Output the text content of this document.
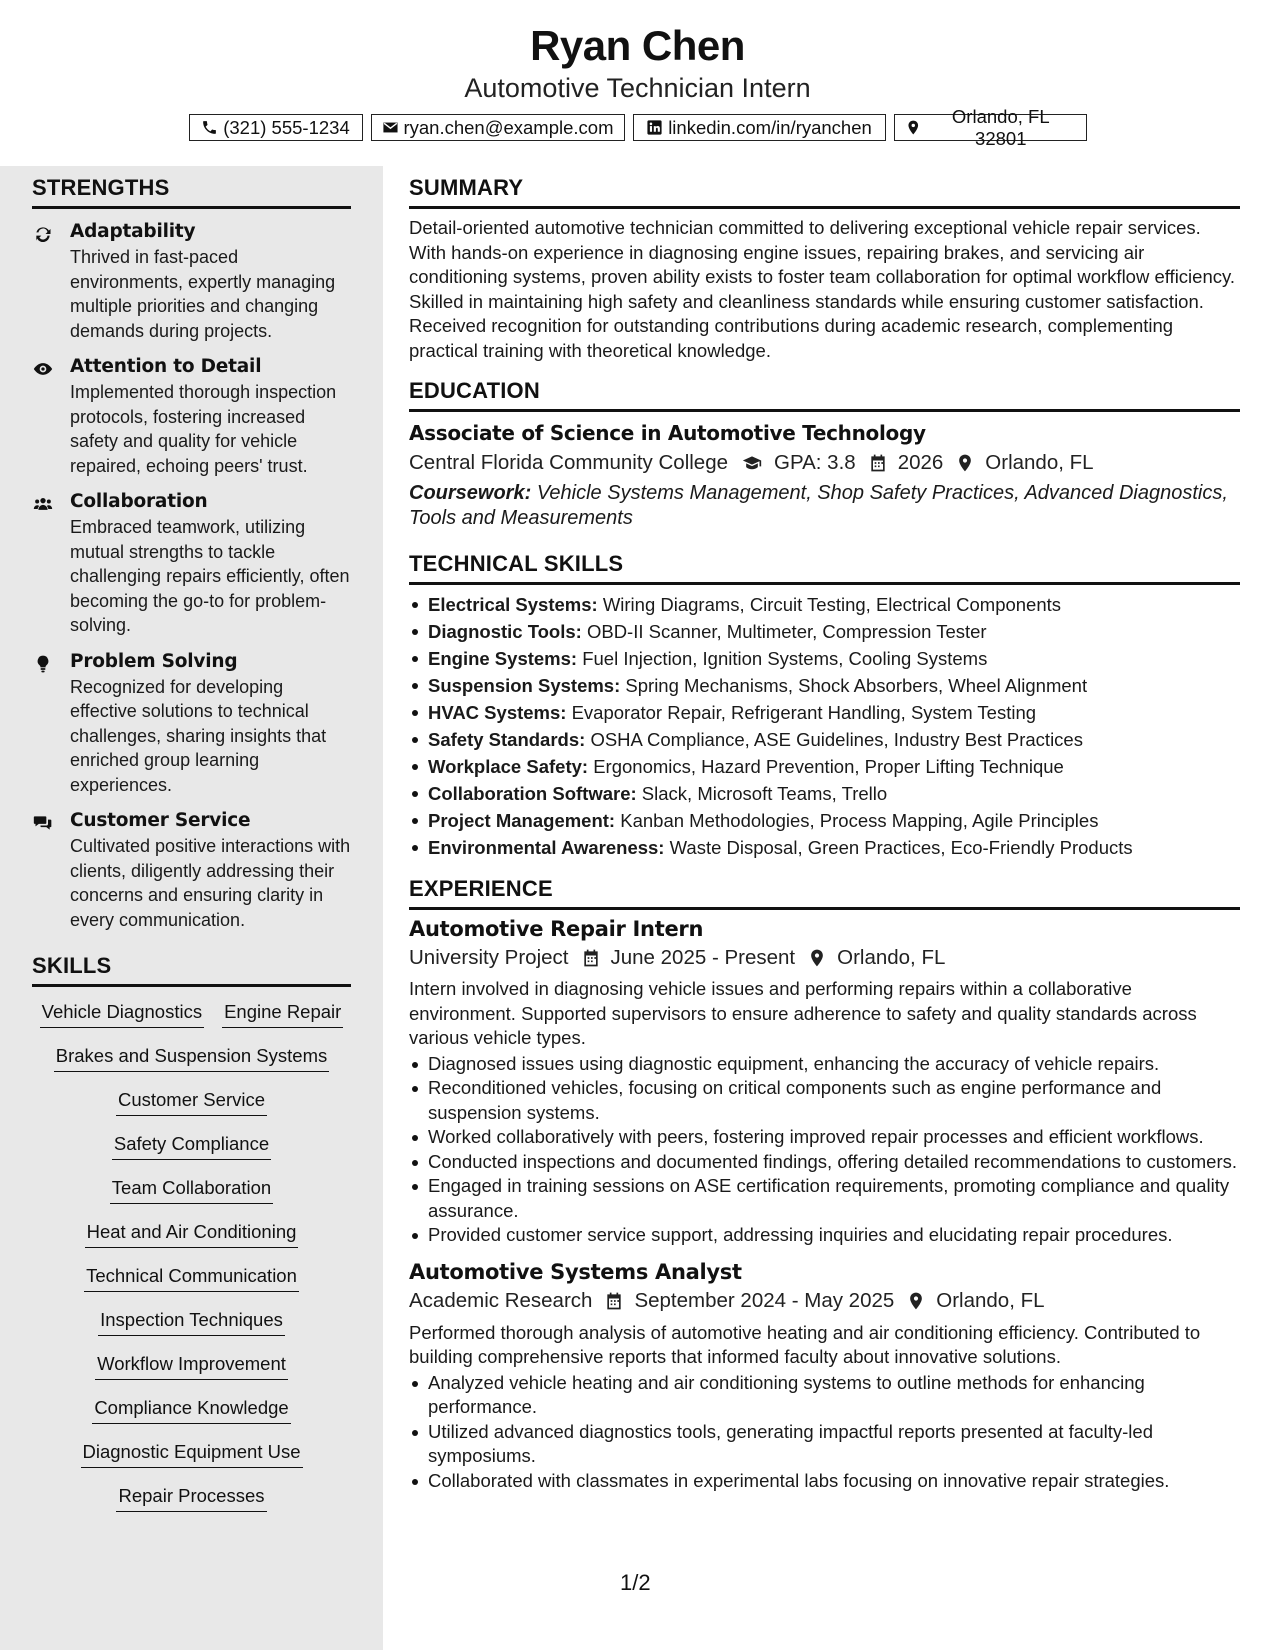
Ryan Chen
Automotive Technician Intern
(321) 555-1234	ryan.chen@example.com	linkedin.com/in/ryanchen
Orlando, FL 32801
STRENGTHS
Adaptability
Thrived in fast-paced environments, expertly managing multiple priorities and changing demands during projects.
Attention to Detail
Implemented thorough inspection protocols, fostering increased safety and quality for vehicle repaired, echoing peers' trust.
Collaboration
Embraced teamwork, utilizing mutual strengths to tackle challenging repairs efficiently, often becoming the go-to for problem-solving.
Problem Solving
Recognized for developing effective solutions to technical challenges, sharing insights that enriched group learning experiences.
Customer Service
Cultivated positive interactions with clients, diligently addressing their concerns and ensuring clarity in every communication.
SKILLS
Vehicle Diagnostics Engine Repair
Brakes and Suspension Systems
Customer Service
Safety Compliance
Team Collaboration
Heat and Air Conditioning
Technical Communication
Inspection Techniques
Workflow Improvement
Compliance Knowledge
Diagnostic Equipment Use
Repair Processes
SUMMARY
Detail-oriented automotive technician committed to delivering exceptional vehicle repair services. With hands-on experience in diagnosing engine issues, repairing brakes, and servicing air conditioning systems, proven ability exists to foster team collaboration for optimal workflow efficiency. Skilled in maintaining high safety and cleanliness standards while ensuring customer satisfaction. Received recognition for outstanding contributions during academic research, complementing practical training with theoretical knowledge.
EDUCATION
Associate of Science in Automotive Technology
Central Florida Community College GPA: 3.8 2026 Orlando, FL
Coursework: Vehicle Systems Management, Shop Safety Practices, Advanced Diagnostics, Tools and Measurements
TECHNICAL SKILLS
Electrical Systems: Wiring Diagrams, Circuit Testing, Electrical Components
Diagnostic Tools: OBD-II Scanner, Multimeter, Compression Tester
Engine Systems: Fuel Injection, Ignition Systems, Cooling Systems
Suspension Systems: Spring Mechanisms, Shock Absorbers, Wheel Alignment
HVAC Systems: Evaporator Repair, Refrigerant Handling, System Testing
Safety Standards: OSHA Compliance, ASE Guidelines, Industry Best Practices
Workplace Safety: Ergonomics, Hazard Prevention, Proper Lifting Technique
Collaboration Software: Slack, Microsoft Teams, Trello
Project Management: Kanban Methodologies, Process Mapping, Agile Principles
Environmental Awareness: Waste Disposal, Green Practices, Eco-Friendly Products
EXPERIENCE
Automotive Repair Intern
University Project June 2025 - Present Orlando, FL
Intern involved in diagnosing vehicle issues and performing repairs within a collaborative environment. Supported supervisors to ensure adherence to safety and quality standards across various vehicle types.
Diagnosed issues using diagnostic equipment, enhancing the accuracy of vehicle repairs.
Reconditioned vehicles, focusing on critical components such as engine performance and suspension systems.
Worked collaboratively with peers, fostering improved repair processes and efficient workflows.
Conducted inspections and documented findings, offering detailed recommendations to customers.
Engaged in training sessions on ASE certification requirements, promoting compliance and quality assurance.
Provided customer service support, addressing inquiries and elucidating repair procedures.
Automotive Systems Analyst
Academic Research September 2024 - May 2025 Orlando, FL
Performed thorough analysis of automotive heating and air conditioning efficiency. Contributed to building comprehensive reports that informed faculty about innovative solutions.
Analyzed vehicle heating and air conditioning systems to outline methods for enhancing performance.
Utilized advanced diagnostics tools, generating impactful reports presented at faculty-led symposiums.
Collaborated with classmates in experimental labs focusing on innovative repair strategies.
1/2
